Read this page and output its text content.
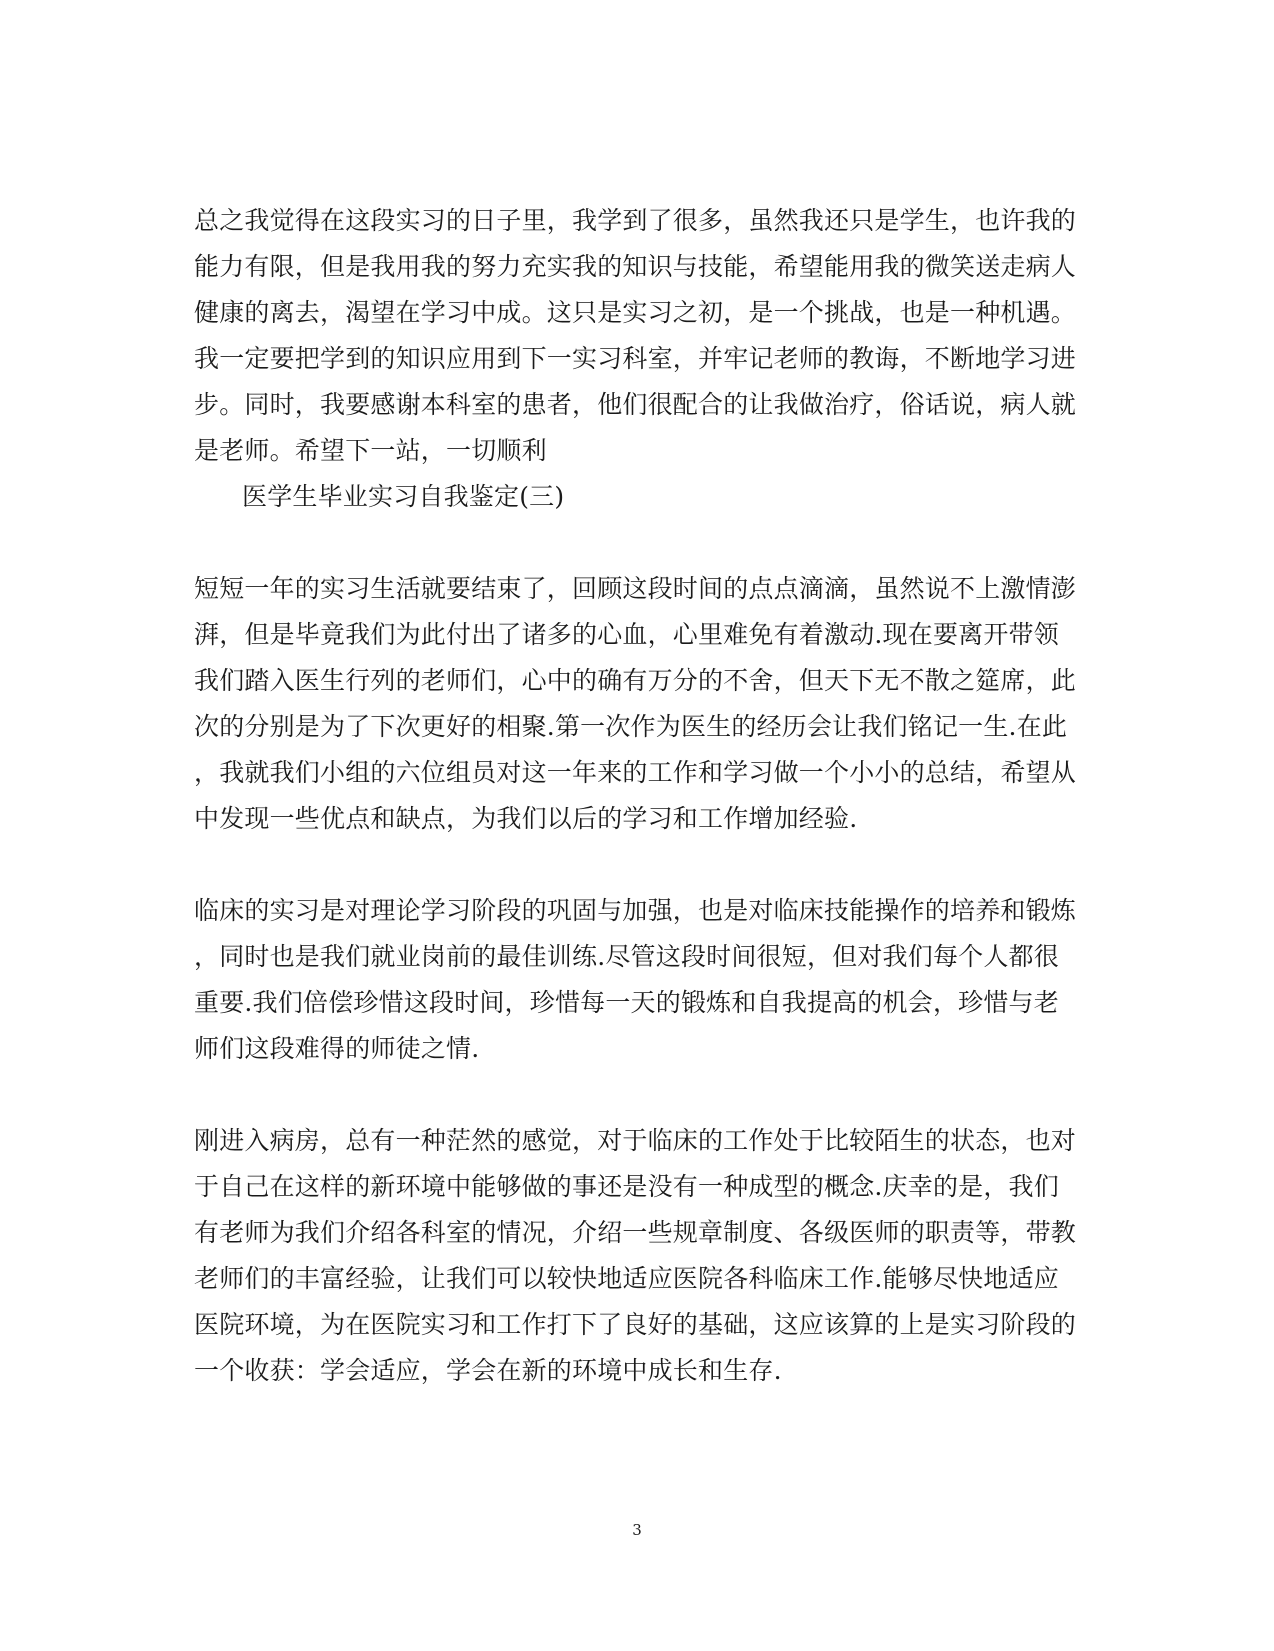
总之我觉得在这段实习的日子里，我学到了很多，虽然我还只是学生，也许我的
能力有限，但是我用我的努力充实我的知识与技能，希望能用我的微笑送走病人
健康的离去，渴望在学习中成。这只是实习之初，是一个挑战，也是一种机遇。
我一定要把学到的知识应用到下一实习科室，并牢记老师的教诲，不断地学习进
步。同时，我要感谢本科室的患者，他们很配合的让我做治疗，俗话说，病人就
是老师。希望下一站，一切顺利
医学生毕业实习自我鉴定(三)
短短一年的实习生活就要结束了，回顾这段时间的点点滴滴，虽然说不上激情澎
湃，但是毕竟我们为此付出了诸多的心血，心里难免有着激动.现在要离开带领
我们踏入医生行列的老师们，心中的确有万分的不舍，但天下无不散之筵席，此
次的分别是为了下次更好的相聚.第一次作为医生的经历会让我们铭记一生.在此
，我就我们小组的六位组员对这一年来的工作和学习做一个小小的总结，希望从
中发现一些优点和缺点，为我们以后的学习和工作增加经验.
临床的实习是对理论学习阶段的巩固与加强，也是对临床技能操作的培养和锻炼
，同时也是我们就业岗前的最佳训练.尽管这段时间很短，但对我们每个人都很
重要.我们倍偿珍惜这段时间，珍惜每一天的锻炼和自我提高的机会，珍惜与老
师们这段难得的师徒之情.
刚进入病房，总有一种茫然的感觉，对于临床的工作处于比较陌生的状态，也对
于自己在这样的新环境中能够做的事还是没有一种成型的概念.庆幸的是，我们
有老师为我们介绍各科室的情况，介绍一些规章制度、各级医师的职责等，带教
老师们的丰富经验，让我们可以较快地适应医院各科临床工作.能够尽快地适应
医院环境，为在医院实习和工作打下了良好的基础，这应该算的上是实习阶段的
一个收获：学会适应，学会在新的环境中成长和生存.
3
